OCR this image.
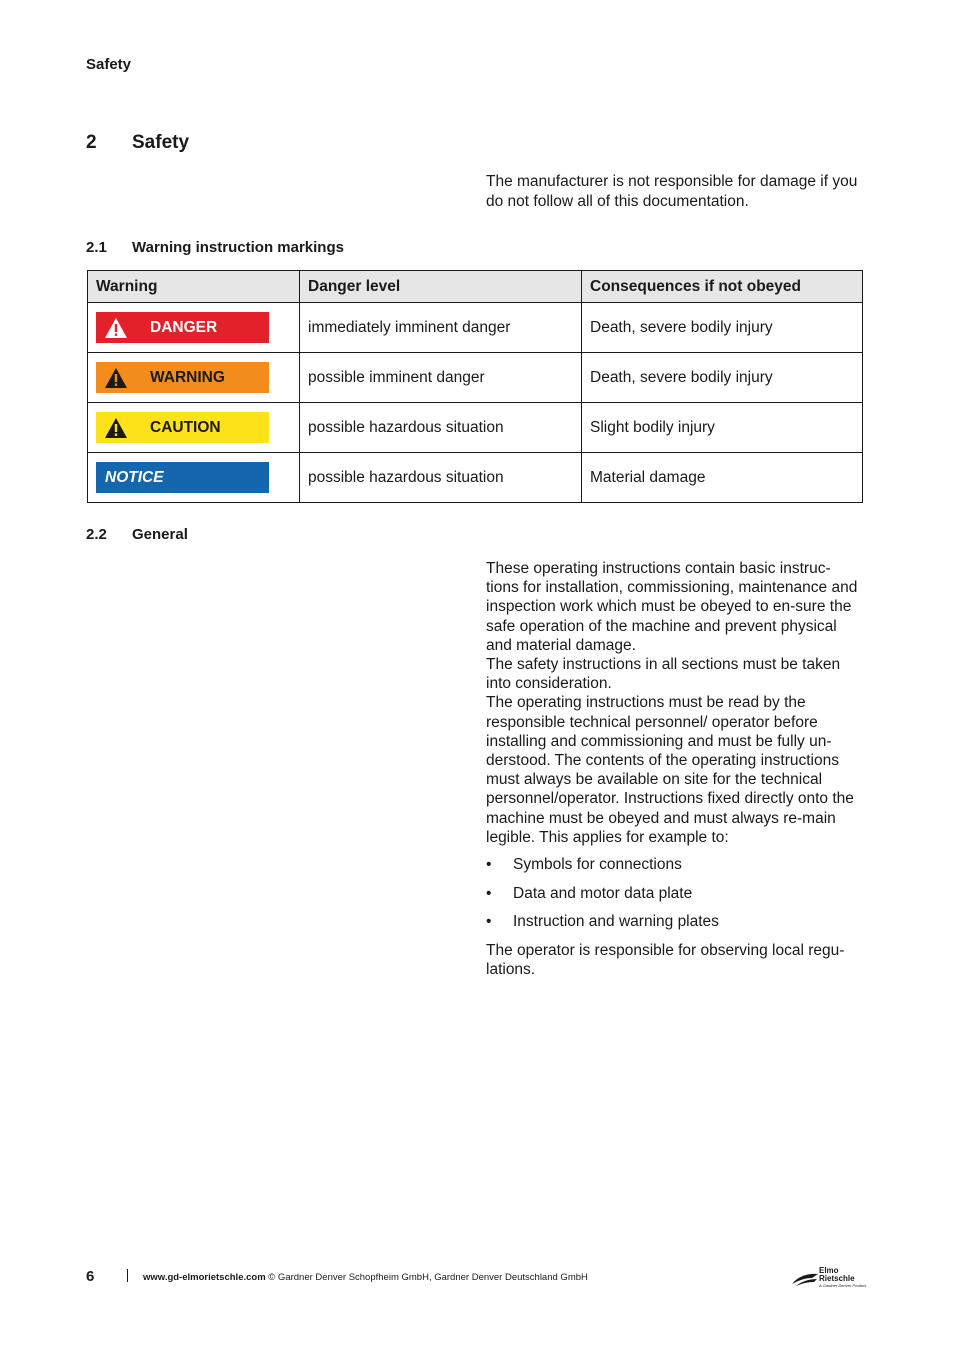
Safety
2 Safety
The manufacturer is not responsible for damage if you do not follow all of this documentation.
2.1 Warning instruction markings
Warning	Danger level	Consequences if not obeyed

DANGER	immediately imminent danger	Death, severe bodily injury

WARNING	possible imminent danger	Death, severe bodily injury

CAUTION	possible hazardous situation	Slight bodily injury

NOTICE	possible hazardous situation	Material damage
2.2 General

These operating instructions contain basic instruc-tions for installation, commissioning, maintenance and inspection work which must be obeyed to en-sure the safe operation of the machine and prevent physical and material damage.

The safety instructions in all sections must be taken into consideration.

The operating instructions must be read by the responsible technical personnel/ operator before installing and commissioning and must be fully un-derstood. The contents of the operating instructions must always be available on site for the technical personnel/operator. Instructions fixed directly onto the machine must be obeyed and must always re-main legible. This applies for example to:

• Symbols for connections
• Data and motor data plate
• Instruction and warning plates

The operator is responsible for observing local regu-lations.

6	www.gd-elmorietschle.com © Gardner Denver Schopfheim GmbH, Gardner Denver Deutschland GmbH
Elmo
Rietschle
A Gardner Denver Product
